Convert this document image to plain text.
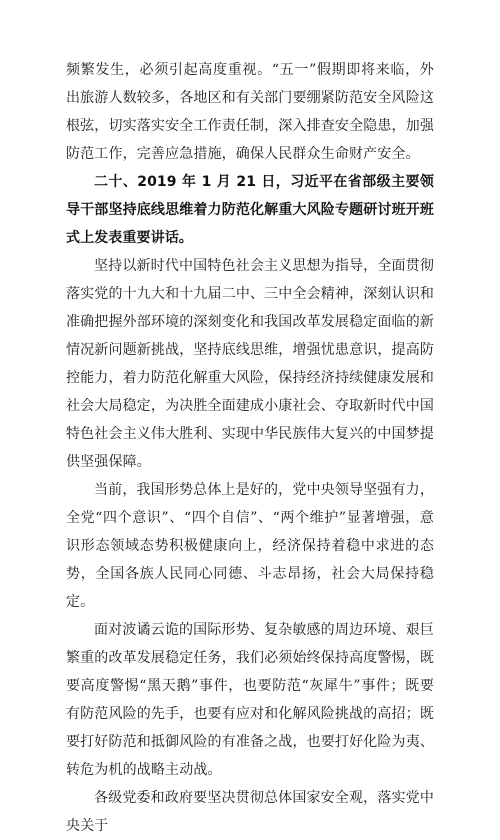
频繁发生，必须引起高度重视。“五一”假期即将来临，外出旅游人数较多，各地区和有关部门要绷紧防范安全风险这根弦，切实落实安全工作责任制，深入排查安全隐患，加强防范工作，完善应急措施，确保人民群众生命财产安全。

二十、2019 年 1 月 21 日，习近平在省部级主要领导干部坚持底线思维着力防范化解重大风险专题研讨班开班式上发表重要讲话。

坚持以新时代中国特色社会主义思想为指导，全面贯彻落实党的十九大和十九届二中、三中全会精神，深刻认识和准确把握外部环境的深刻变化和我国改革发展稳定面临的新情况新问题新挑战，坚持底线思维，增强忧患意识，提高防控能力，着力防范化解重大风险，保持经济持续健康发展和社会大局稳定，为决胜全面建成小康社会、夺取新时代中国特色社会主义伟大胜利、实现中华民族伟大复兴的中国梦提供坚强保障。

当前，我国形势总体上是好的，党中央领导坚强有力，全党“四个意识”、“四个自信”、“两个维护”显著增强，意识形态领域态势积极健康向上，经济保持着稳中求进的态势，全国各族人民同心同德、斗志昂扬，社会大局保持稳定。

面对波谲云诡的国际形势、复杂敏感的周边环境、艰巨繁重的改革发展稳定任务，我们必须始终保持高度警惕，既要高度警惕“黑天鹅”事件，也要防范“灰犀牛”事件；既要有防范风险的先手，也要有应对和化解风险挑战的高招；既要打好防范和抵御风险的有准备之战，也要打好化险为夷、转危为机的战略主动战。

各级党委和政府要坚决贯彻总体国家安全观，落实党中央关于
